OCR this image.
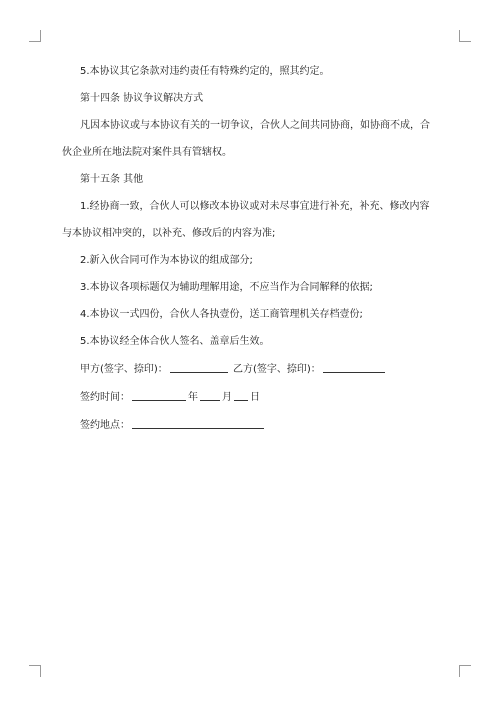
5.本协议其它条款对违约责任有特殊约定的，照其约定。

第十四条 协议争议解决方式

凡因本协议或与本协议有关的一切争议，合伙人之间共同协商，如协商不成，合

伙企业所在地法院对案件具有管辖权。

第十五条 其他

1.经协商一致，合伙人可以修改本协议或对未尽事宜进行补充，补充、修改内容

与本协议相冲突的，以补充、修改后的内容为准;

2.新入伙合同可作为本协议的组成部分;

3.本协议各项标题仅为辅助理解用途，不应当作为合同解释的依据;

4.本协议一式四份，合伙人各执壹份，送工商管理机关存档壹份;

5.本协议经全体合伙人签名、盖章后生效。

甲方(签字、捺印)：	乙方(签字、捺印)：

签约时间：	年 月 日

签约地点：
